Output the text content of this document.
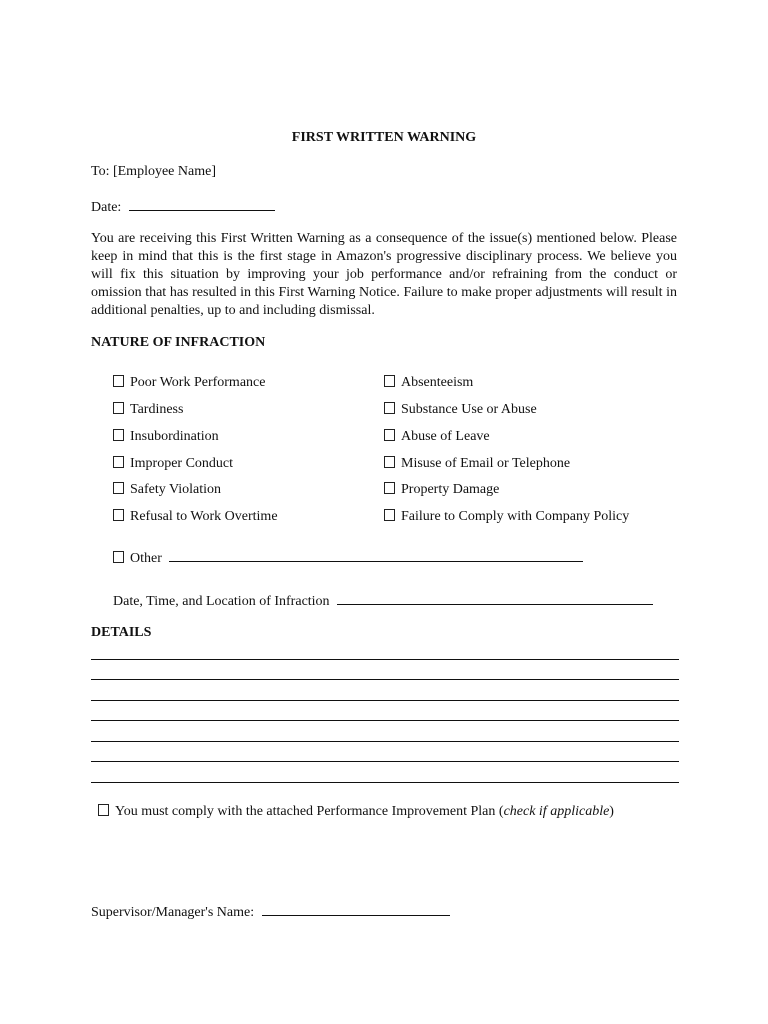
FIRST WRITTEN WARNING
To: [Employee Name]
Date:
You are receiving this First Written Warning as a consequence of the issue(s) mentioned below. Please keep in mind that this is the first stage in Amazon's progressive disciplinary process. We believe you will fix this situation by improving your job performance and/or refraining from the conduct or omission that has resulted in this First Warning Notice. Failure to make proper adjustments will result in additional penalties, up to and including dismissal.
NATURE OF INFRACTION
Poor Work Performance
Tardiness
Insubordination
Improper Conduct
Safety Violation
Refusal to Work Overtime
Absenteeism
Substance Use or Abuse
Abuse of Leave
Misuse of Email or Telephone
Property Damage
Failure to Comply with Company Policy
Other
Date, Time, and Location of Infraction
DETAILS
You must comply with the attached Performance Improvement Plan (check if applicable)
Supervisor/Manager's Name:
